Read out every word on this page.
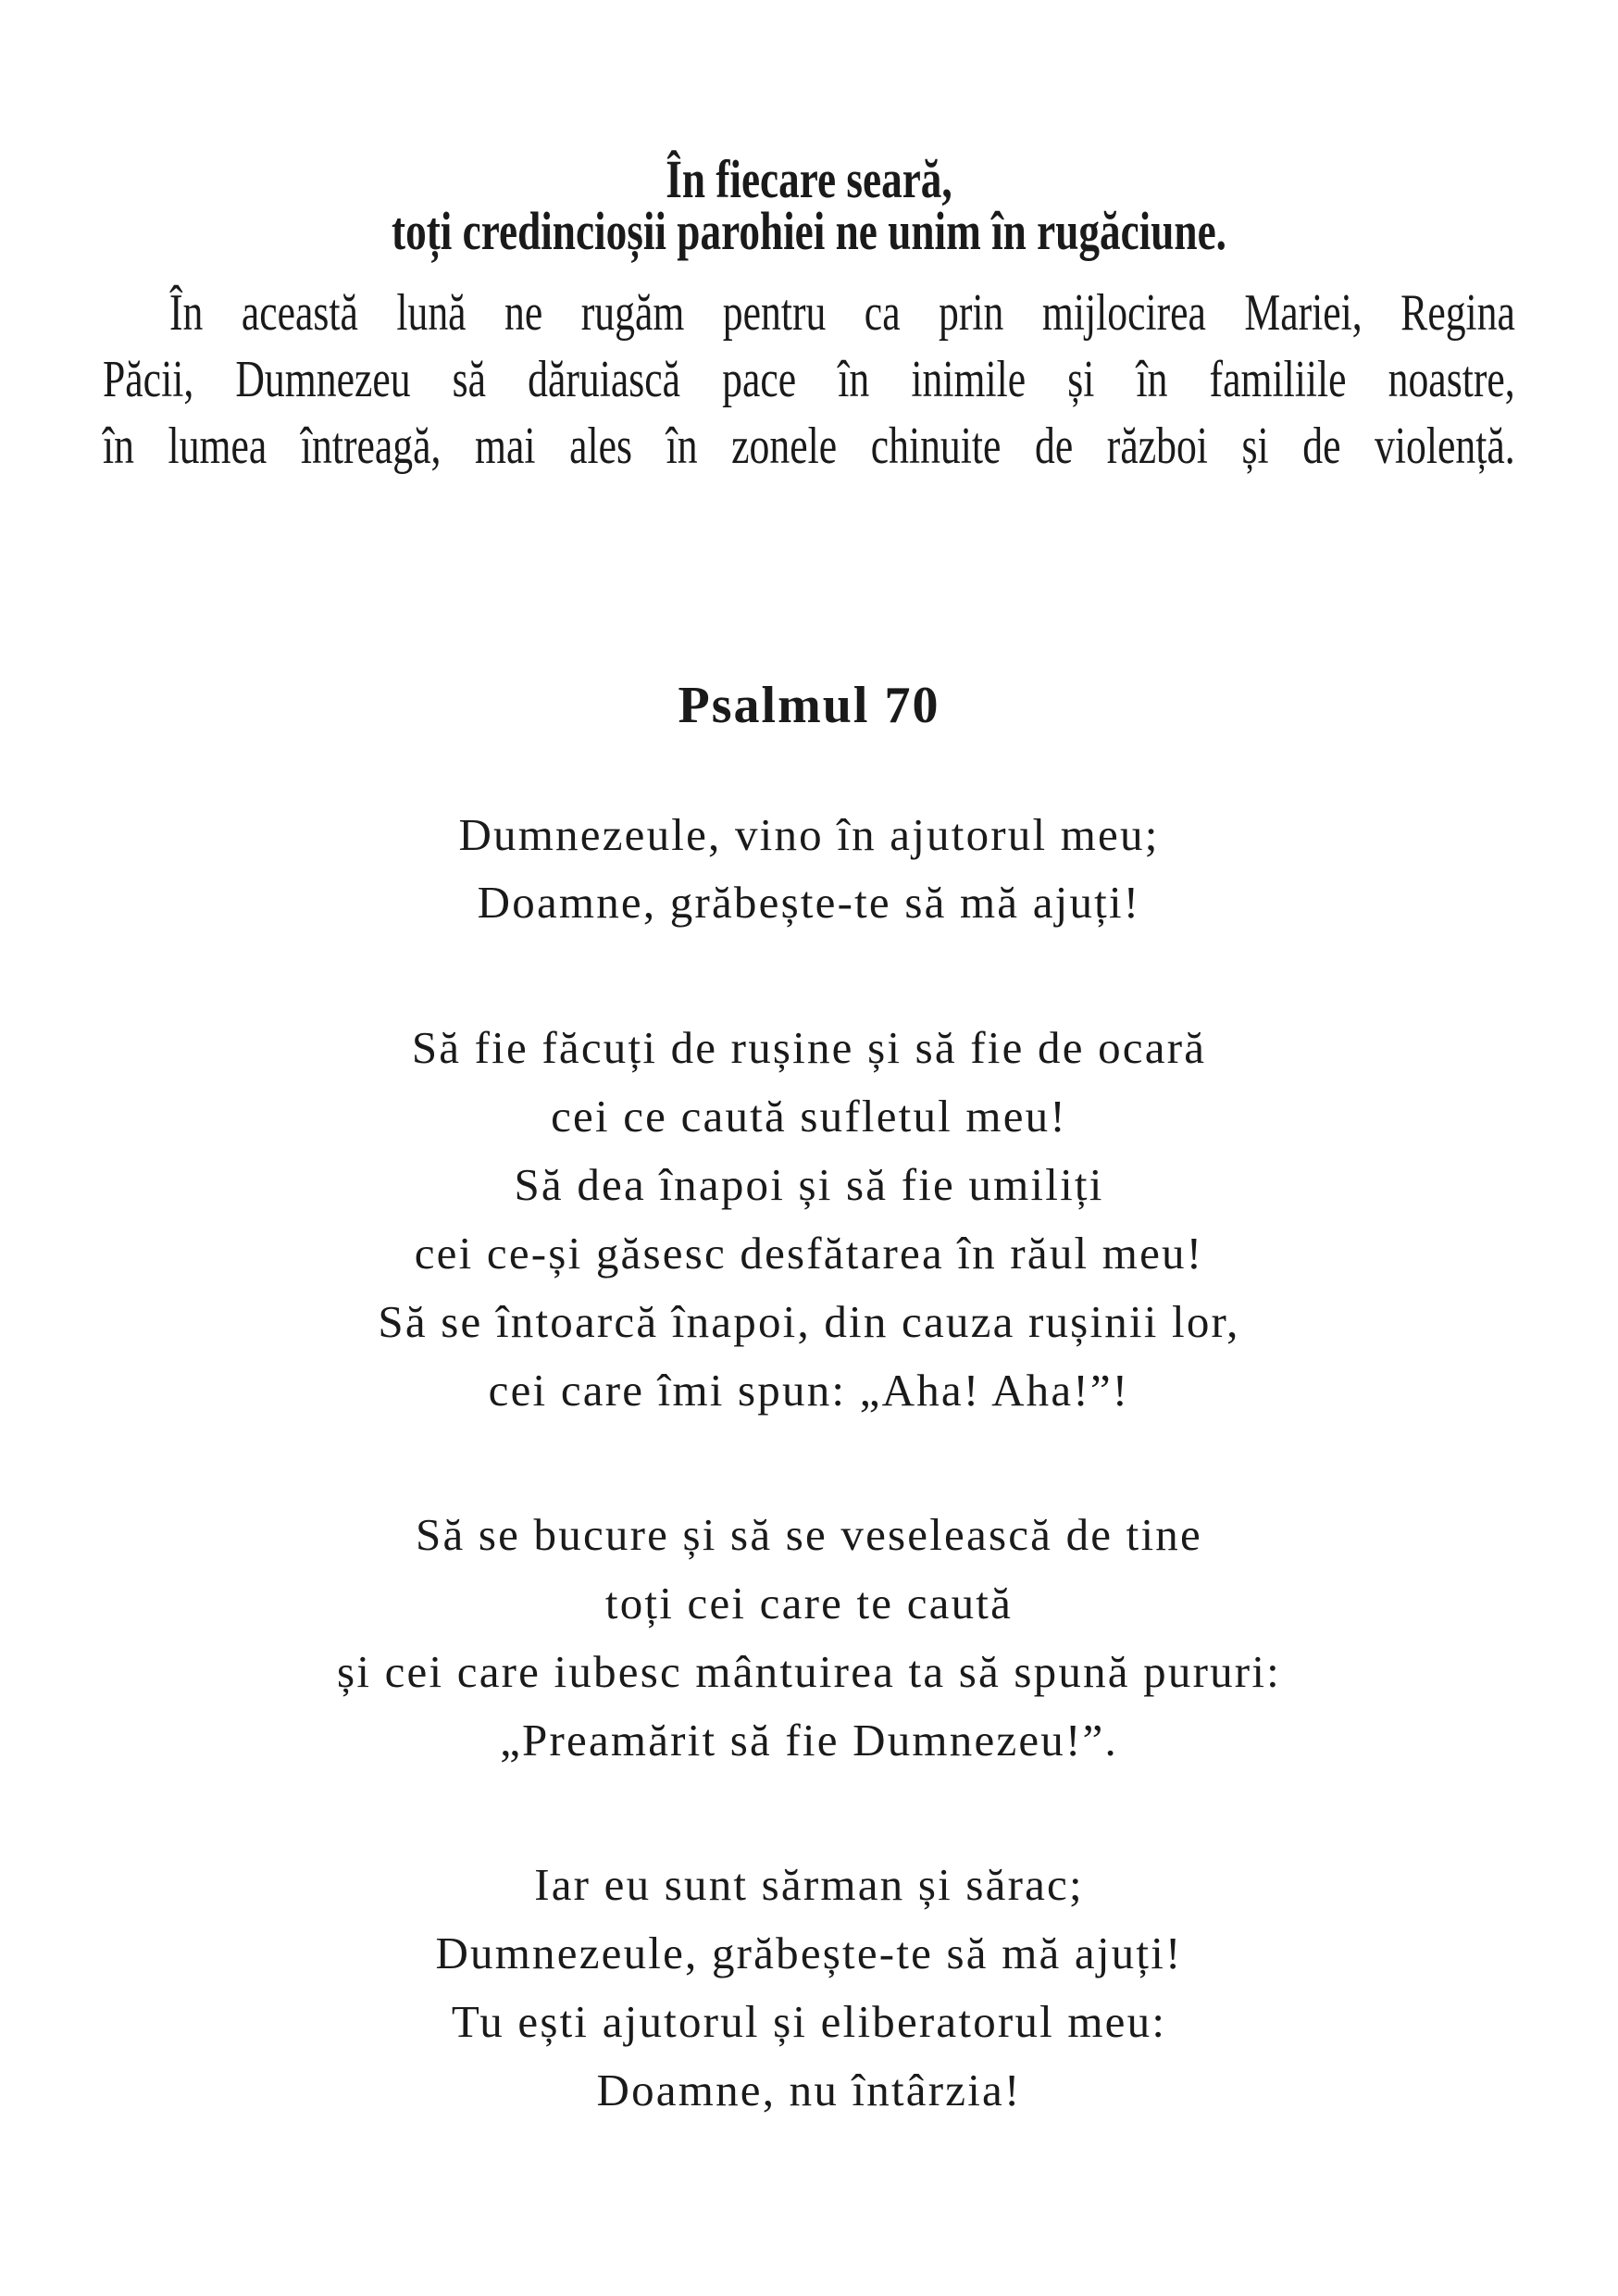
În fiecare seară,
toți credincioșii parohiei ne unim în rugăciune.
În această lună ne rugăm pentru ca prin mijlocirea Mariei, Regina
Păcii, Dumnezeu să dăruiască pace în inimile și în familiile noastre,
în lumea întreagă, mai ales în zonele chinuite de război și de violență.
Psalmul 70
Dumnezeule, vino în ajutorul meu;
Doamne, grăbește-te să mă ajuți!
Să fie făcuți de rușine și să fie de ocară
cei ce caută sufletul meu!
Să dea înapoi și să fie umiliți
cei ce-și găsesc desfătarea în răul meu!
Să se întoarcă înapoi, din cauza rușinii lor,
cei care îmi spun: „Aha! Aha!”!
Să se bucure și să se veselească de tine
toți cei care te caută
și cei care iubesc mântuirea ta să spună pururi:
„Preamărit să fie Dumnezeu!”.
Iar eu sunt sărman și sărac;
Dumnezeule, grăbește-te să mă ajuți!
Tu ești ajutorul și eliberatorul meu:
Doamne, nu întârzia!
